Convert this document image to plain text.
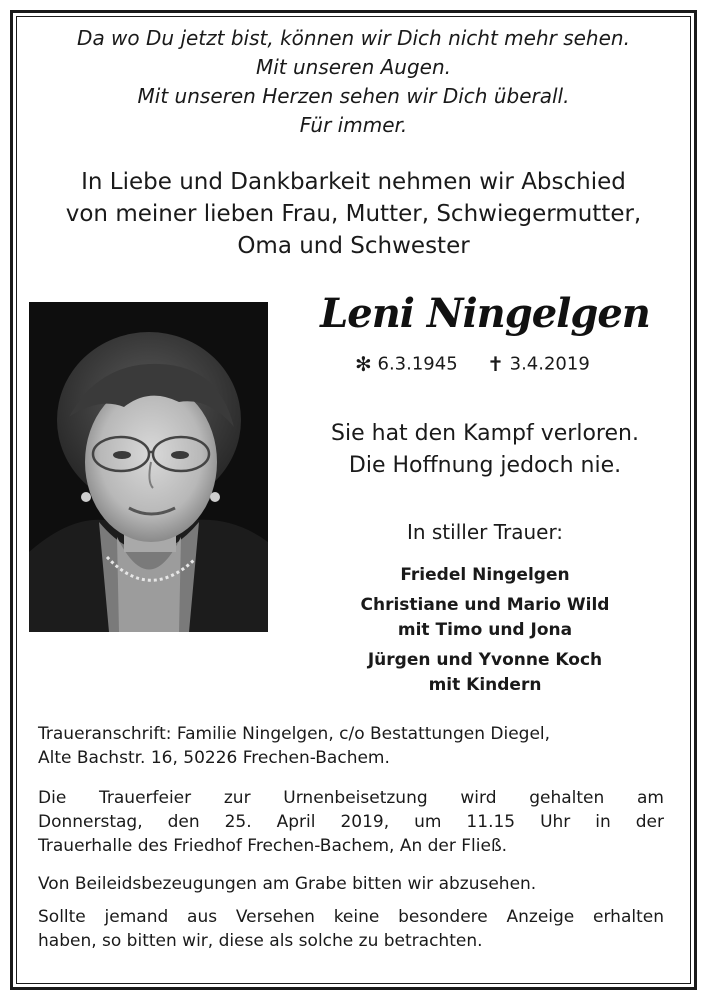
Da wo Du jetzt bist, können wir Dich nicht mehr sehen.
Mit unseren Augen.
Mit unseren Herzen sehen wir Dich überall.
Für immer.
In Liebe und Dankbarkeit nehmen wir Abschied
von meiner lieben Frau, Mutter, Schwiegermutter,
Oma und Schwester
Leni Ningelgen
✻ 6.3.1945 ✝ 3.4.2019
Sie hat den Kampf verloren.
Die Hoffnung jedoch nie.
In stiller Trauer:
Friedel Ningelgen
Christiane und Mario Wild
mit Timo und Jona
Jürgen und Yvonne Koch
mit Kindern
Traueranschrift: Familie Ningelgen, c/o Bestattungen Diegel,
Alte Bachstr. 16, 50226 Frechen-Bachem.
Die Trauerfeier zur Urnenbeisetzung wird gehalten am
Donnerstag, den 25. April 2019, um 11.15 Uhr in der
Trauerhalle des Friedhof Frechen-Bachem, An der Fließ.
Von Beileidsbezeugungen am Grabe bitten wir abzusehen.
Sollte jemand aus Versehen keine besondere Anzeige erhalten
haben, so bitten wir, diese als solche zu betrachten.
